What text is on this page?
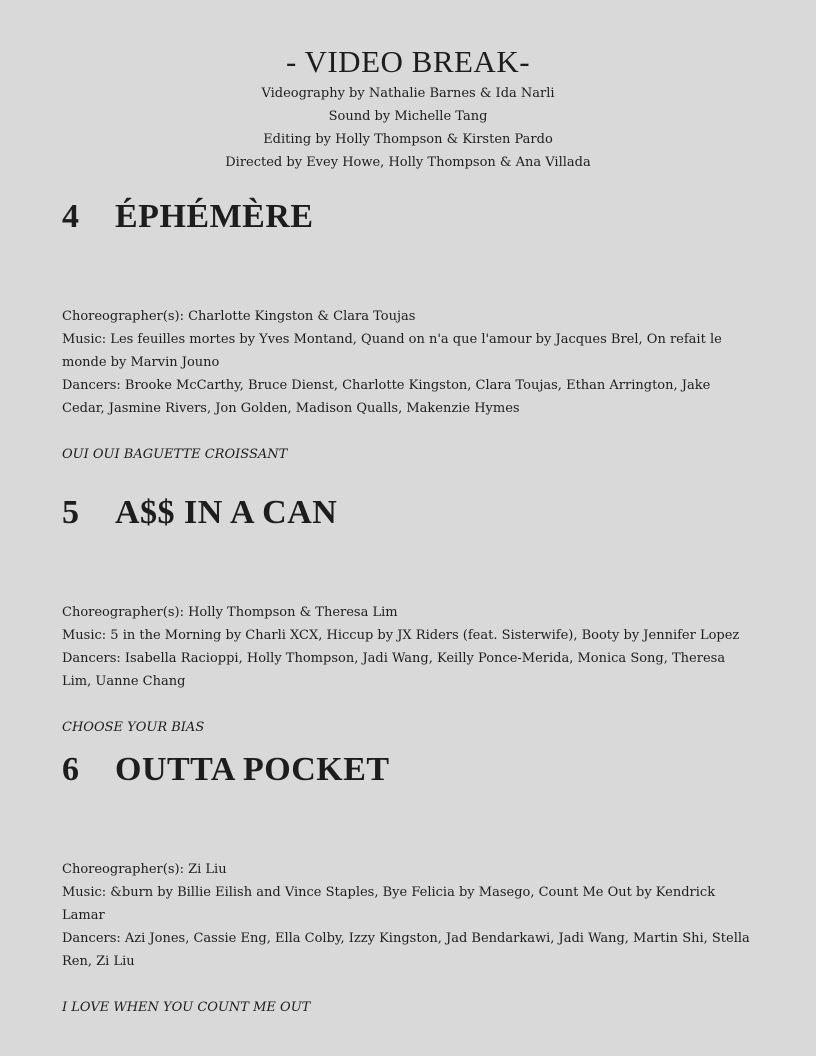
- VIDEO BREAK-
Videography by Nathalie Barnes & Ida Narli
Sound by Michelle Tang
Editing by Holly Thompson & Kirsten Pardo
Directed by Evey Howe, Holly Thompson & Ana Villada
4 ÉPHÉMÈRE

Choreographer(s): Charlotte Kingston & Clara Toujas

Music: Les feuilles mortes by Yves Montand, Quand on n'a que l'amour by Jacques Brel, On refait le monde by Marvin Jouno

Dancers: Brooke McCarthy, Bruce Dienst, Charlotte Kingston, Clara Toujas, Ethan Arrington, Jake Cedar, Jasmine Rivers, Jon Golden, Madison Qualls, Makenzie Hymes

OUI OUI BAGUETTE CROISSANT
5 A$$ IN A CAN

Choreographer(s): Holly Thompson & Theresa Lim

Music: 5 in the Morning by Charli XCX, Hiccup by JX Riders (feat. Sisterwife), Booty by Jennifer Lopez

Dancers: Isabella Racioppi, Holly Thompson, Jadi Wang, Keilly Ponce-Merida, Monica Song, Theresa Lim, Uanne Chang

CHOOSE YOUR BIAS
6 OUTTA POCKET

Choreographer(s): Zi Liu

Music: &burn by Billie Eilish and Vince Staples, Bye Felicia by Masego, Count Me Out by Kendrick Lamar

Dancers: Azi Jones, Cassie Eng, Ella Colby, Izzy Kingston, Jad Bendarkawi, Jadi Wang, Martin Shi, Stella Ren, Zi Liu

I LOVE WHEN YOU COUNT ME OUT
